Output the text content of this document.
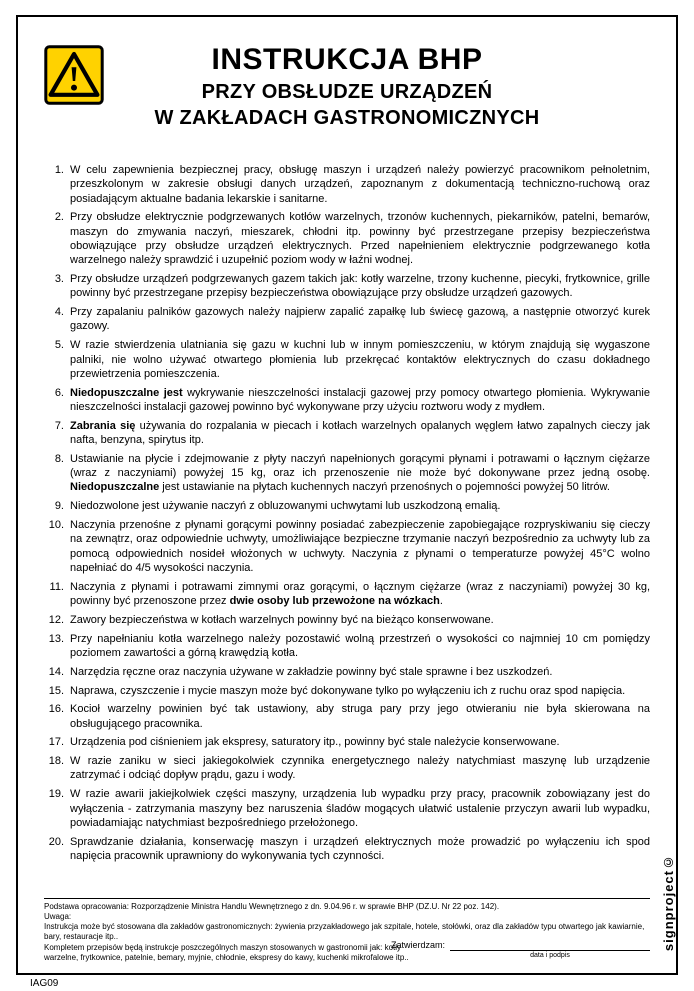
INSTRUKCJA BHP
PRZY OBSŁUDZE URZĄDZEŃ
W ZAKŁADACH GASTRONOMICZNYCH
1. W celu zapewnienia bezpiecznej pracy, obsługę maszyn i urządzeń należy powierzyć pracownikom pełnoletnim, przeszkolonym w zakresie obsługi danych urządzeń, zapoznanym z dokumentacją techniczno-ruchową oraz posiadającym aktualne badania lekarskie i sanitarne.
2. Przy obsłudze elektrycznie podgrzewanych kotłów warzelnych, trzonów kuchennych, piekarników, patelni, bemarów, maszyn do zmywania naczyń, mieszarek, chłodni itp. powinny być przestrzegane przepisy bezpieczeństwa obowiązujące przy obsłudze urządzeń elektrycznych. Przed napełnieniem elektrycznie podgrzewanego kotła warzelnego należy sprawdzić i uzupełnić poziom wody w łaźni wodnej.
3. Przy obsłudze urządzeń podgrzewanych gazem takich jak: kotły warzelne, trzony kuchenne, piecyki, frytkownice, grille powinny być przestrzegane przepisy bezpieczeństwa obowiązujące przy obsłudze urządzeń gazowych.
4. Przy zapalaniu palników gazowych należy najpierw zapalić zapałkę lub świecę gazową, a następnie otworzyć kurek gazowy.
5. W razie stwierdzenia ulatniania się gazu w kuchni lub w innym pomieszczeniu, w którym znajdują się wygaszone palniki, nie wolno używać otwartego płomienia lub przekręcać kontaktów elektrycznych do czasu dokładnego przewietrzenia pomieszczenia.
6. Niedopuszczalne jest wykrywanie nieszczelności instalacji gazowej przy pomocy otwartego płomienia. Wykrywanie nieszczelności instalacji gazowej powinno być wykonywane przy użyciu roztworu wody z mydłem.
7. Zabrania się używania do rozpalania w piecach i kotłach warzelnych opalanych węglem łatwo zapalnych cieczy jak nafta, benzyna, spirytus itp.
8. Ustawianie na płycie i zdejmowanie z płyty naczyń napełnionych gorącymi płynami i potrawami o łącznym ciężarze (wraz z naczyniami) powyżej 15 kg, oraz ich przenoszenie nie może być dokonywane przez jedną osobę. Niedopuszczalne jest ustawianie na płytach kuchennych naczyń przenośnych o pojemności powyżej 50 litrów.
9. Niedozwolone jest używanie naczyń z obluzowanymi uchwytami lub uszkodzoną emalią.
10. Naczynia przenośne z płynami gorącymi powinny posiadać zabezpieczenie zapobiegające rozpryskiwaniu się cieczy na zewnątrz, oraz odpowiednie uchwyty, umożliwiające bezpieczne trzymanie naczyń bezpośrednio za uchwyty lub za pomocą odpowiednich nosideł włożonych w uchwyty. Naczynia z płynami o temperaturze powyżej 45°C wolno napełniać do 4/5 wysokości naczynia.
11. Naczynia z płynami i potrawami zimnymi oraz gorącymi, o łącznym ciężarze (wraz z naczyniami) powyżej 30 kg, powinny być przenoszone przez dwie osoby lub przewożone na wózkach.
12. Zawory bezpieczeństwa w kotłach warzelnych powinny być na bieżąco konserwowane.
13. Przy napełnianiu kotła warzelnego należy pozostawić wolną przestrzeń o wysokości co najmniej 10 cm pomiędzy poziomem zawartości a górną krawędzią kotła.
14. Narzędzia ręczne oraz naczynia używane w zakładzie powinny być stale sprawne i bez uszkodzeń.
15. Naprawa, czyszczenie i mycie maszyn może być dokonywane tylko po wyłączeniu ich z ruchu oraz spod napięcia.
16. Kocioł warzelny powinien być tak ustawiony, aby struga pary przy jego otwieraniu nie była skierowana na obsługującego pracownika.
17. Urządzenia pod ciśnieniem jak ekspresy, saturatory itp., powinny być stale należycie konserwowane.
18. W razie zaniku w sieci jakiegokolwiek czynnika energetycznego należy natychmiast maszynę lub urządzenie zatrzymać i odciąć dopływ prądu, gazu i wody.
19. W razie awarii jakiejkolwiek części maszyny, urządzenia lub wypadku przy pracy, pracownik zobowiązany jest do wyłączenia - zatrzymania maszyny bez naruszenia śladów mogących ułatwić ustalenie przyczyn awarii lub wypadku, powiadamiając natychmiast bezpośredniego przełożonego.
20. Sprawdzanie działania, konserwację maszyn i urządzeń elektrycznych może prowadzić po wyłączeniu ich spod napięcia pracownik uprawniony do wykonywania tych czynności.
Podstawa opracowania: Rozporządzenie Ministra Handlu Wewnętrznego z dn. 9.04.96 r. w sprawie BHP (DZ.U. Nr 22 poz. 142).
Uwaga:
Instrukcja może być stosowana dla zakładów gastronomicznych: żywienia przyzakładowego jak szpitale, hotele, stołówki, oraz dla zakładów typu otwartego jak kawiarnie, bary, restauracje itp..
Kompletem przepisów będą instrukcje poszczególnych maszyn stosowanych w gastronomii jak: kotły warzelne, frytkownice, patelnie, bemary, myjnie, chłodnie, ekspresy do kawy, kuchenki mikrofalowe itp..
Zatwierdzam:
data i podpis
IAG09
signproject©
